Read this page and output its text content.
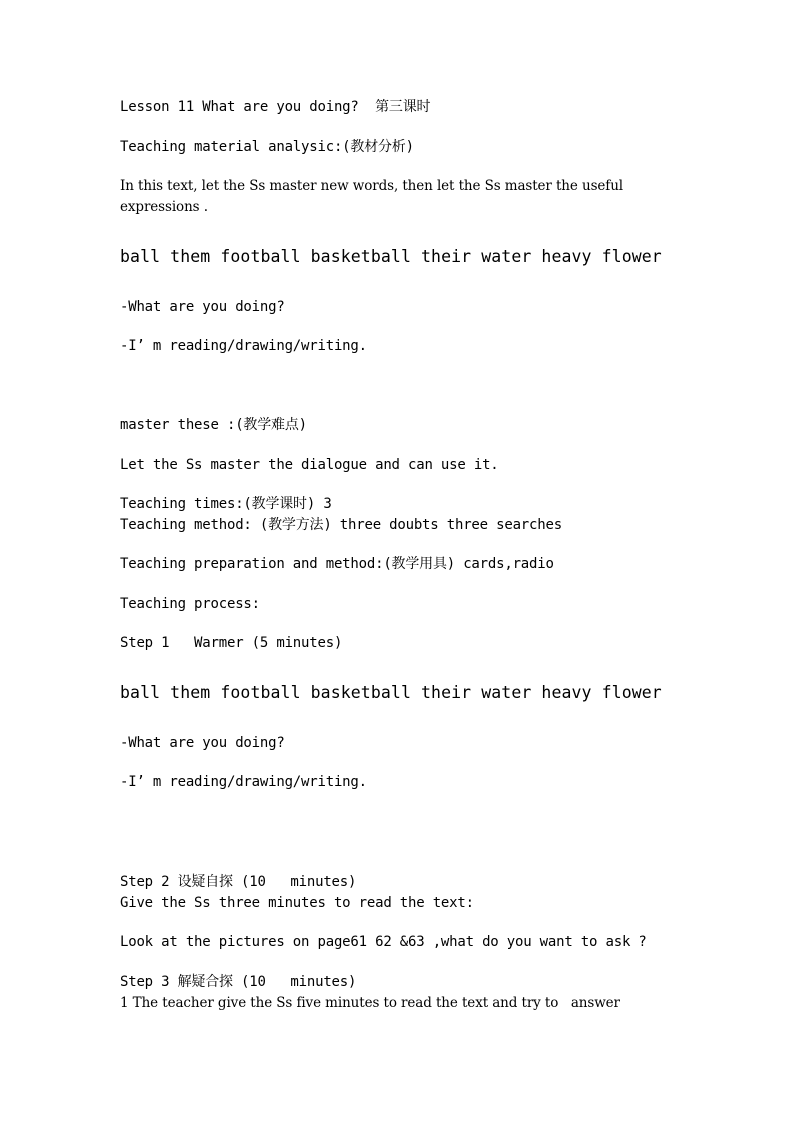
Lesson 11 What are you doing?  第三课时
Teaching material analysic:(教材分析)
In this text, let the Ss master new words, then let the Ss master the useful
expressions .
ball them football basketball their water heavy flower
-What are you doing?
-I’ m reading/drawing/writing.
master these :(教学难点)
Let the Ss master the dialogue and can use it.
Teaching times:(教学课时) 3
Teaching method: (教学方法) three doubts three searches
Teaching preparation and method:(教学用具) cards,radio
Teaching process:
Step 1   Warmer (5 minutes)
ball them football basketball their water heavy flower
-What are you doing?
-I’ m reading/drawing/writing.
Step 2 设疑自探 (10   minutes)
Give the Ss three minutes to read the text:
Look at the pictures on page61 62 &63 ,what do you want to ask ?
Step 3 解疑合探 (10   minutes)
1 The teacher give the Ss five minutes to read the text and try to   answer
